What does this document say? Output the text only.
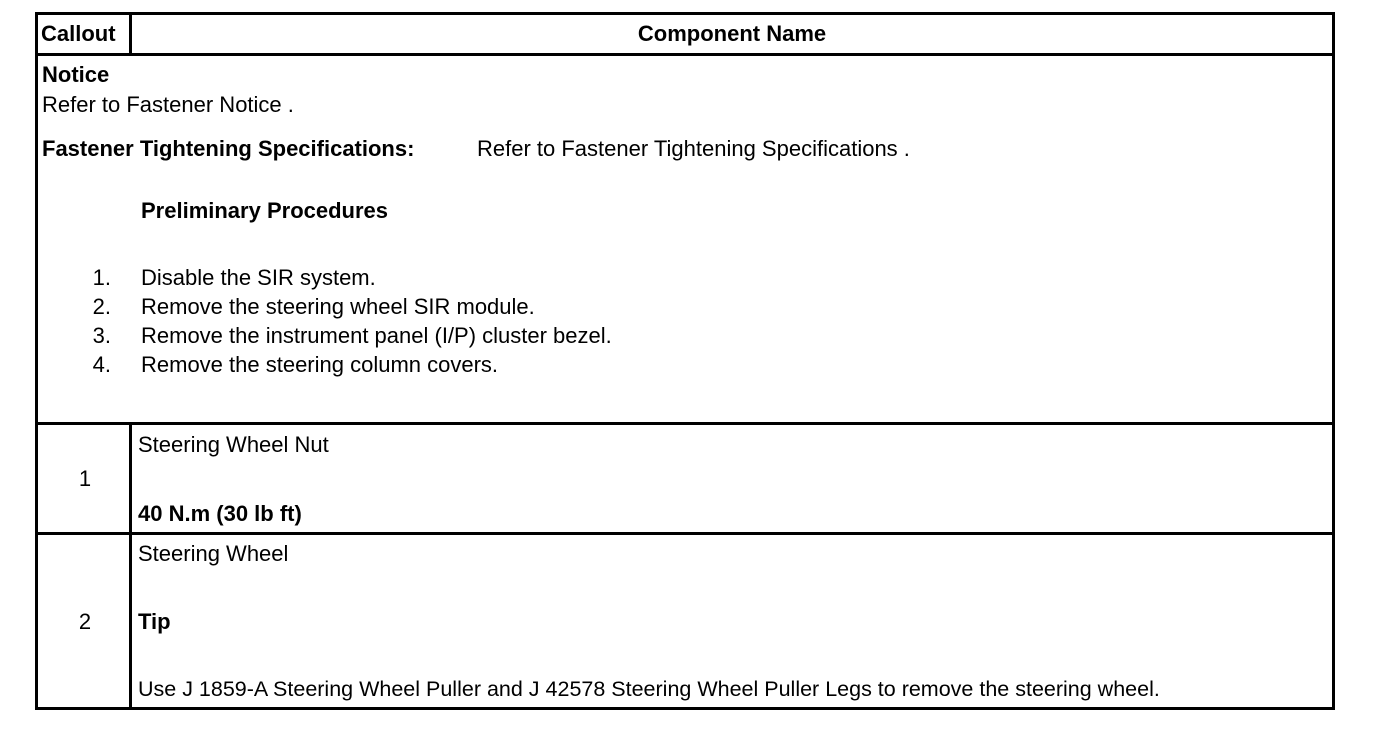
Callout	Component Name
Notice
Refer to Fastener Notice .
Fastener Tightening Specifications:	Refer to Fastener Tightening Specifications .
Preliminary Procedures
1. Disable the SIR system.
2. Remove the steering wheel SIR module.
3. Remove the instrument panel (I/P) cluster bezel.
4. Remove the steering column covers.
1
Steering Wheel Nut
40 N.m (30 lb ft)
2
Steering Wheel
Tip
Use J 1859-A Steering Wheel Puller and J 42578 Steering Wheel Puller Legs to remove the steering wheel.
